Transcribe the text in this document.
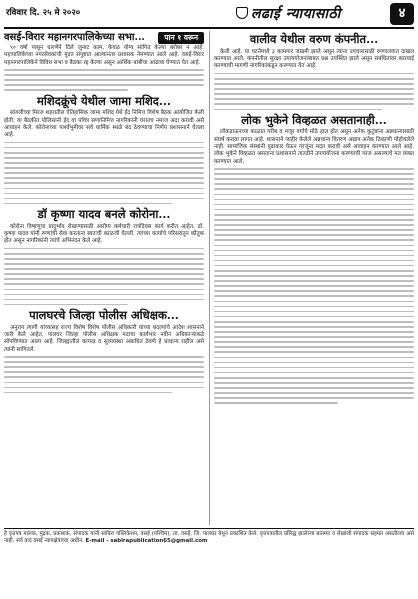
रविवार दि. २५ मे २०२०	लढाई न्यायासाठी	४
वसई-विरार महानगरपालिकेच्या सभा...	पान १ वरून

९० वर्षा पासून धारणेने दिले जुनाट काम, केवळ योग्य सांगित केल्या बरोबर न आहे. महापालिकेच्या नगरसेवकांची मुदत संपुष्टात आल्यानंतर प्रशासक नेमण्यात आले आहे. वसई-विरार महानगरपालिकेने विविध सभा व बैठका रद्द केल्या असून आर्थिक बाबींचा आढावा घेण्यात येत आहे.

मशिदक्रूंचे येथील जामा मशिद...

सांगलीच्या मिरज शहरातील ऐतिहासिक जामा मशिद येथे ईद निमित्त विशेष बैठक आयोजित केली होती. या बैठकीत पोलिसांनी ईद वा पवित्र सणानिमित्त नागरिकांनी घरातच नमाज अदा करावी असे आवाहन केले. कोरोनाच्या पार्श्वभूमीवर सर्व धार्मिक स्थळे बंद ठेवण्याचा निर्णय प्रशासनाने घेतला आहे.

डॉ कृष्णा यादव बनले कोरोना...

कोरोना विषाणूचा प्रादुर्भाव रोखण्यासाठी आरोग्य कर्मचारी रात्रंदिवस कार्य करीत आहेत. डॉ. कृष्णा यादव यांनी रुग्णांची सेवा करताना स्वतःची काळजी घेतली. त्यांच्या कार्याचे परिसरातून कौतुक होत असून नागरिकांनी त्यांचे अभिनंदन केले आहे.

पालघरचे जिल्हा पोलीस अधिक्षक...

अनुराग त्यागी यांच्यासह राज्य विशेष विशेष पोलीस अधिकारी यांच्या बदल्यांचे आदेश शासनाने जारी केले आहेत. पालघर जिल्हा पोलीस अधिक्षक पदाचा कार्यभार नवीन अधिकाऱ्यांकडे सोपविण्यात आला आहे. जिल्ह्यातील कायदा व सुव्यवस्था अबाधित ठेवणे हे प्राधान्य राहील असे त्यांनी सांगितले.

वालीव येथील वरुण कंपनीत...

केली आहे. या घटनेमध्ये ३ कामगार जखमी झाले असून त्यांना उपचारासाठी रुग्णालयात दाखल करण्यात आले. कंपनीतील सुरक्षा उपाययोजनांबाबत प्रश्न उपस्थित झाले असून संबंधितांवर कारवाई करण्याची मागणी नागरिकांकडून करण्यात येत आहे.

लोक भुकेने विव्हळत असतानाही...

लॉकडाऊनच्या काळात गरीब व मजूर वर्गाचे मोठे हाल होत असून अनेक कुटुंबांना अन्नधान्यासाठी संघर्ष करावा लागत आहे. शासनाने जाहीर केलेले अन्नधान्य वितरण अद्याप अनेक ठिकाणी पोहोचलेले नाही. सामाजिक संस्थांनी पुढाकार घेऊन गरजूंना मदत करावी असे आवाहन करण्यात आले आहे. लोक भुकेने विव्हळत असताना प्रशासनाने तातडीने उपाययोजना करण्याची गरज असल्याचे मत व्यक्त करण्यात आले.

हे वृत्तपत्र मालक, मुद्रक, प्रकाशक, संपादक यांनी साबिरा पब्लिकेशन, वसई (पश्चिम), ता. वसई, जि. पालघर येथून प्रकाशित केले. वृत्तपत्रातील प्रसिद्ध झालेल्या बातम्या व लेखांशी संपादक सहमत असतीलच असे नाही. सर्व वाद वसई न्यायक्षेत्राच्या अधीन. E-mail - sabirapublication65@gmail.com
